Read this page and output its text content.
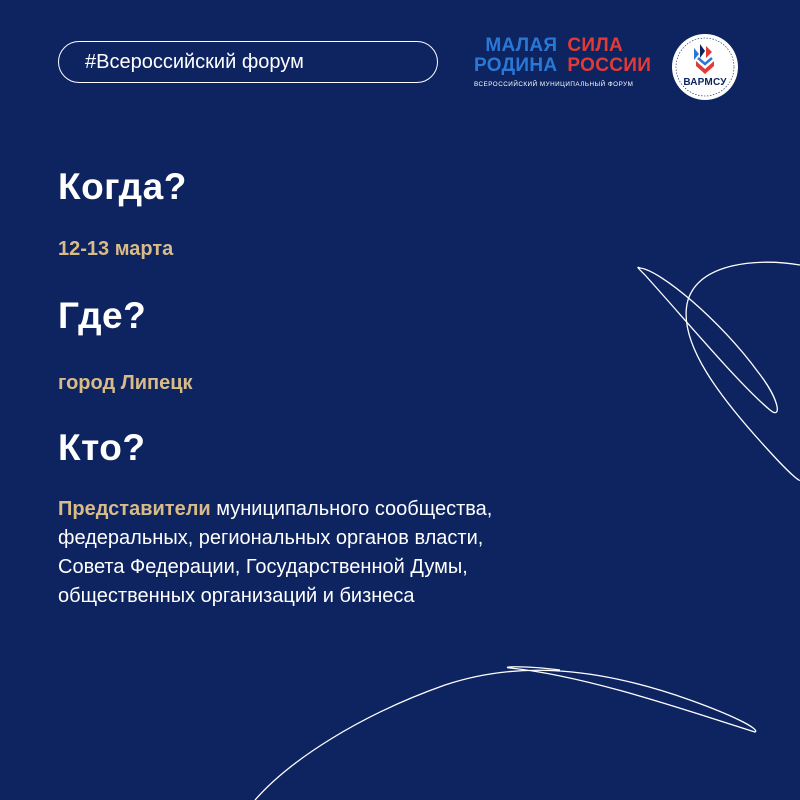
#Всероссийский форум
МАЛАЯ
РОДИНА
СИЛА
РОССИИ
ВСЕРОССИЙСКИЙ МУНИЦИПАЛЬНЫЙ ФОРУМ	ВАРМСУ
Когда?
12-13 марта
Где?
город Липецк
Кто?
Представители муниципального сообщества,
федеральных, региональных органов власти,
Совета Федерации, Государственной Думы,
общественных организаций и бизнеса
